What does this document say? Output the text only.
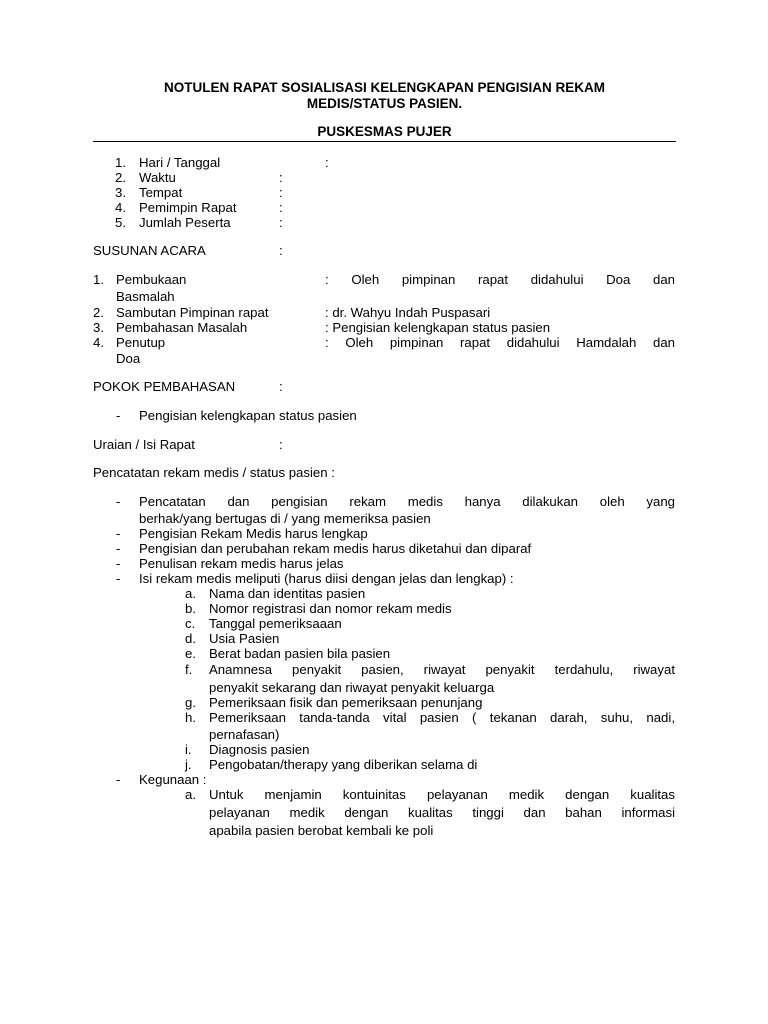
NOTULEN RAPAT SOSIALISASI KELENGKAPAN PENGISIAN REKAM
MEDIS/STATUS PASIEN.
PUSKESMAS PUJER
1. Hari / Tanggal	:
2. Waktu	:
3. Tempat	:
4. Pemimpin Rapat	:
5. Jumlah Peserta	:
SUSUNAN ACARA	:
1. Pembukaan	: Oleh pimpinan rapat didahului Doa dan
Basmalah
2. Sambutan Pimpinan rapat	: dr. Wahyu Indah Puspasari
3. Pembahasan Masalah	: Pengisian kelengkapan status pasien
4. Penutup	: Oleh pimpinan rapat didahului Hamdalah dan
Doa
POKOK PEMBAHASAN	:
- Pengisian kelengkapan status pasien
Uraian / Isi Rapat	:
Pencatatan rekam medis / status pasien :
- Pencatatan dan pengisian rekam medis hanya dilakukan oleh yang
berhak/yang bertugas di / yang memeriksa pasien
- Pengisian Rekam Medis harus lengkap
- Pengisian dan perubahan rekam medis harus diketahui dan diparaf
- Penulisan rekam medis harus jelas
- Isi rekam medis meliputi (harus diisi dengan jelas dan lengkap) :
a. Nama dan identitas pasien
b. Nomor registrasi dan nomor rekam medis
c. Tanggal pemeriksaaan
d. Usia Pasien
e. Berat badan pasien bila pasien
f. Anamnesa penyakit pasien, riwayat penyakit terdahulu, riwayat
penyakit sekarang dan riwayat penyakit keluarga
g. Pemeriksaan fisik dan pemeriksaan penunjang
h. Pemeriksaan tanda-tanda vital pasien ( tekanan darah, suhu, nadi,
pernafasan)
i. Diagnosis pasien
j. Pengobatan/therapy yang diberikan selama di
- Kegunaan :
a. Untuk menjamin kontuinitas pelayanan medik dengan kualitas
pelayanan medik dengan kualitas tinggi dan bahan informasi
apabila pasien berobat kembali ke poli
